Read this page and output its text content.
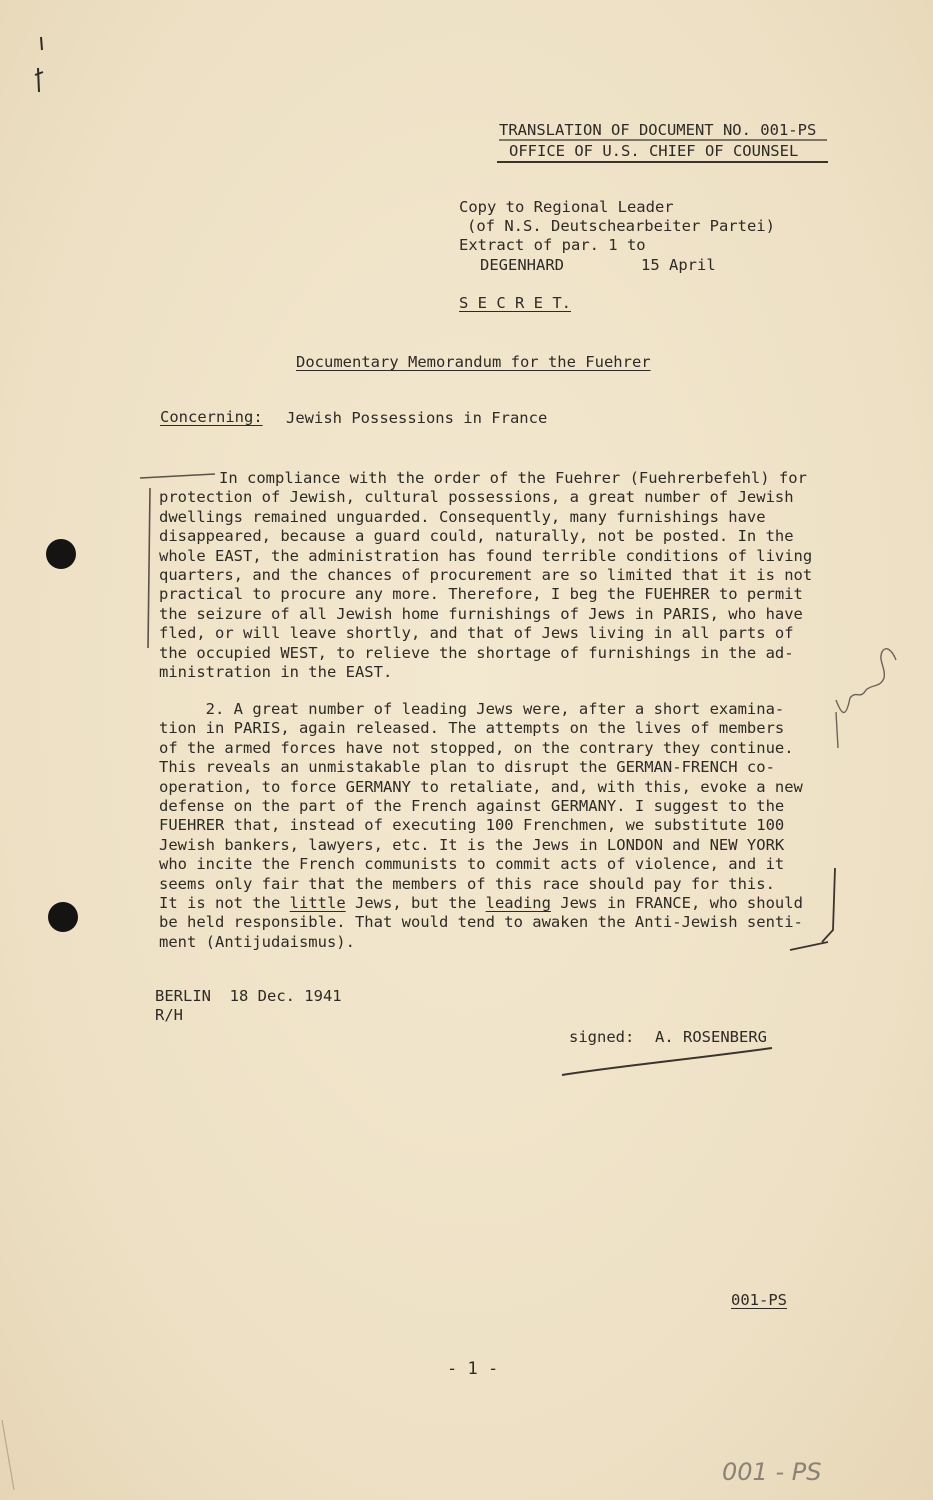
TRANSLATION OF DOCUMENT NO. 001-PS
OFFICE OF U.S. CHIEF OF COUNSEL
Copy to Regional Leader
(of N.S. Deutschearbeiter Partei)
Extract of par. 1 to
DEGENHARD	15 April
S E C R E T.
Documentary Memorandum for the Fuehrer
Concerning: Jewish Possessions in France
In compliance with the order of the Fuehrer (Fuehrerbefehl) for
protection of Jewish, cultural possessions, a great number of Jewish
dwellings remained unguarded. Consequently, many furnishings have
disappeared, because a guard could, naturally, not be posted. In the
whole EAST, the administration has found terrible conditions of living
quarters, and the chances of procurement are so limited that it is not
practical to procure any more. Therefore, I beg the FUEHRER to permit
the seizure of all Jewish home furnishings of Jews in PARIS, who have
fled, or will leave shortly, and that of Jews living in all parts of
the occupied WEST, to relieve the shortage of furnishings in the ad-
ministration in the EAST.
2. A great number of leading Jews were, after a short examina-
tion in PARIS, again released. The attempts on the lives of members
of the armed forces have not stopped, on the contrary they continue.
This reveals an unmistakable plan to disrupt the GERMAN-FRENCH co-
operation, to force GERMANY to retaliate, and, with this, evoke a new
defense on the part of the French against GERMANY. I suggest to the
FUEHRER that, instead of executing 100 Frenchmen, we substitute 100
Jewish bankers, lawyers, etc. It is the Jews in LONDON and NEW YORK
who incite the French communists to commit acts of violence, and it
seems only fair that the members of this race should pay for this.
It is not the little Jews, but the leading Jews in FRANCE, who should
be held responsible. That would tend to awaken the Anti-Jewish senti-
ment (Antijudaismus).
BERLIN  18 Dec. 1941
R/H
signed: A. ROSENBERG
001-PS
- 1 -
001 - PS
